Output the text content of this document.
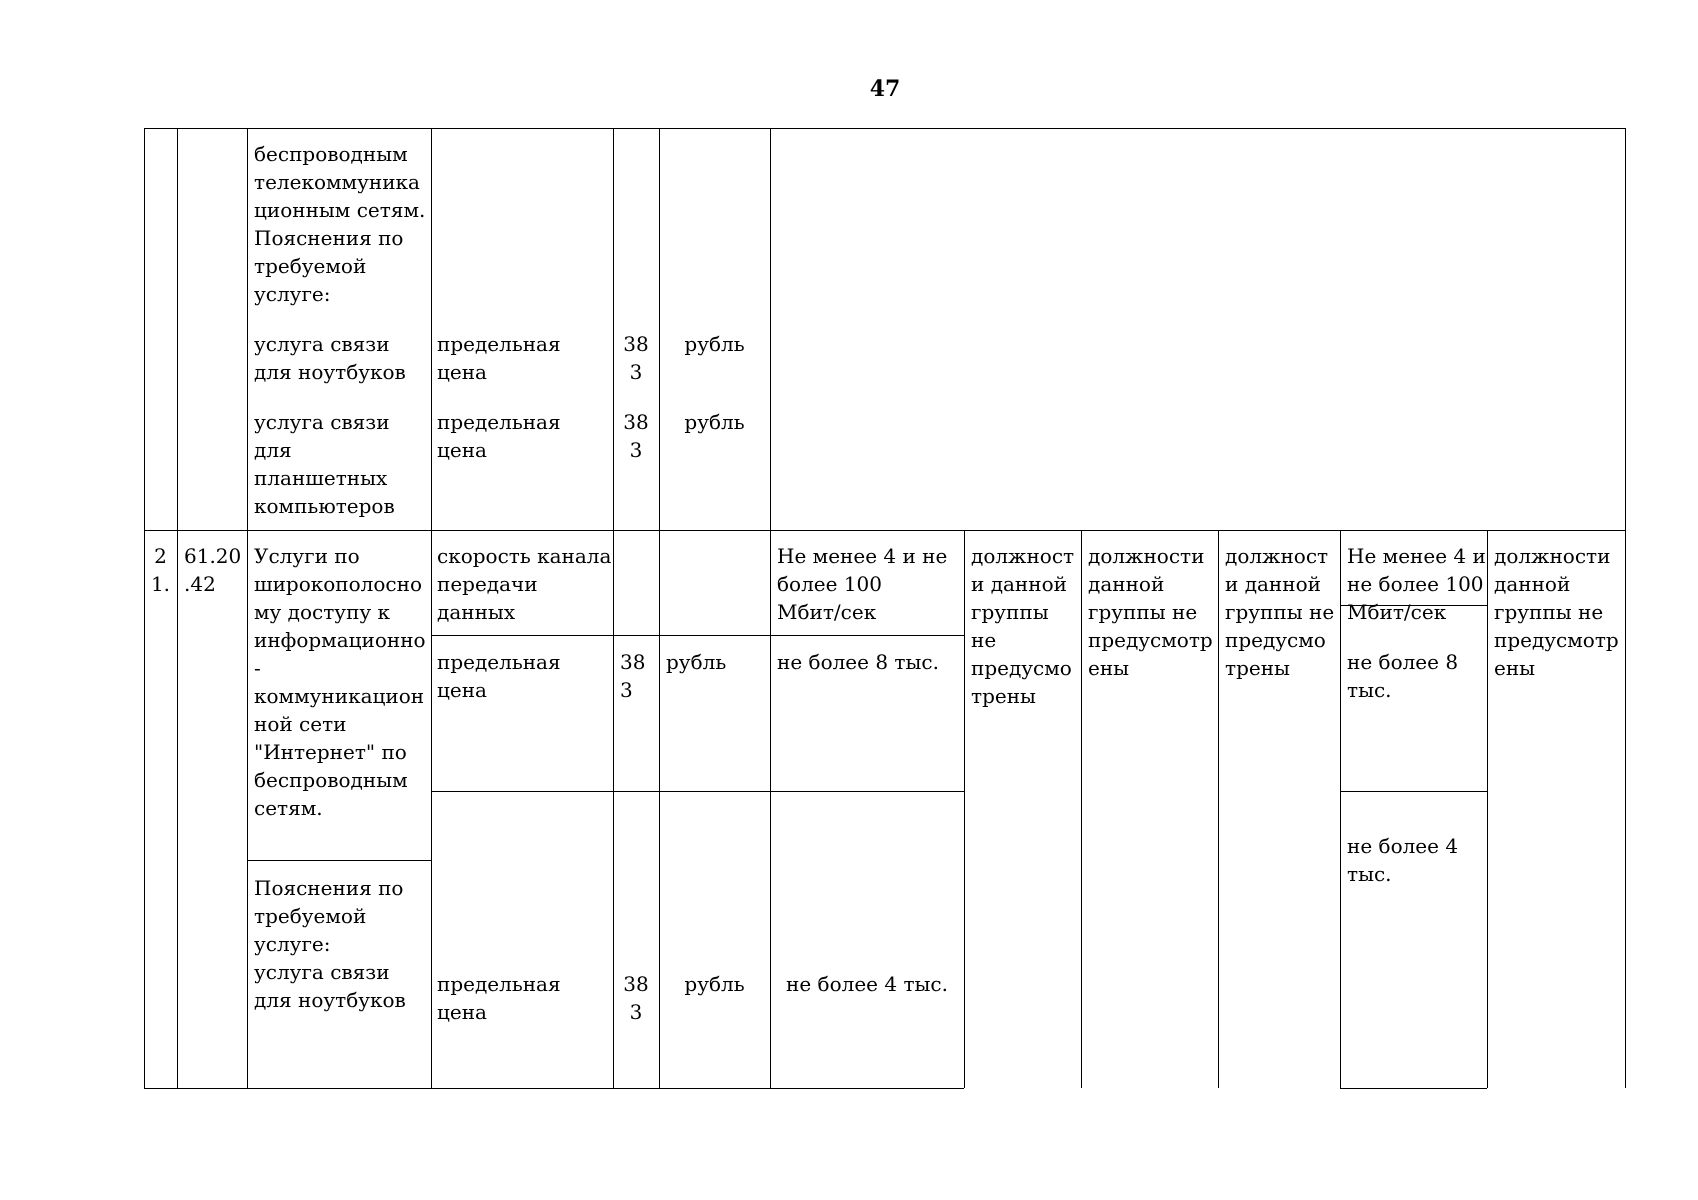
47
беспроводным
телекоммуника
ционным сетям.
Пояснения по
требуемой
услуге:
услуга связи
для ноутбуков
предельная
цена
38
3
рубль
услуга связи
для
планшетных
компьютеров
предельная
цена
38
3
рубль
2
1.
61.20
.42
Услуги по
широкополосно
му доступу к
информационно
-
коммуникацион
ной сети
"Интернет" по
беспроводным
сетям.
Пояснения по
требуемой
услуге:
услуга связи
для ноутбуков
скорость канала
передачи
данных
Не менее 4 и не
более 100
Мбит/сек
предельная
цена
38
3
рубль	не более 8 тыс.
предельная
цена
38
3
рубль	не более 4 тыс.
должност
и данной
группы
не
предусмо
трены
должности
данной
группы не
предусмотр
ены
должност
и данной
группы не
предусмо
трены
Не менее 4 и
не более 100
Мбит/сек
не более 8
тыс.
не более 4
тыс.
должности
данной
группы не
предусмотр
ены
